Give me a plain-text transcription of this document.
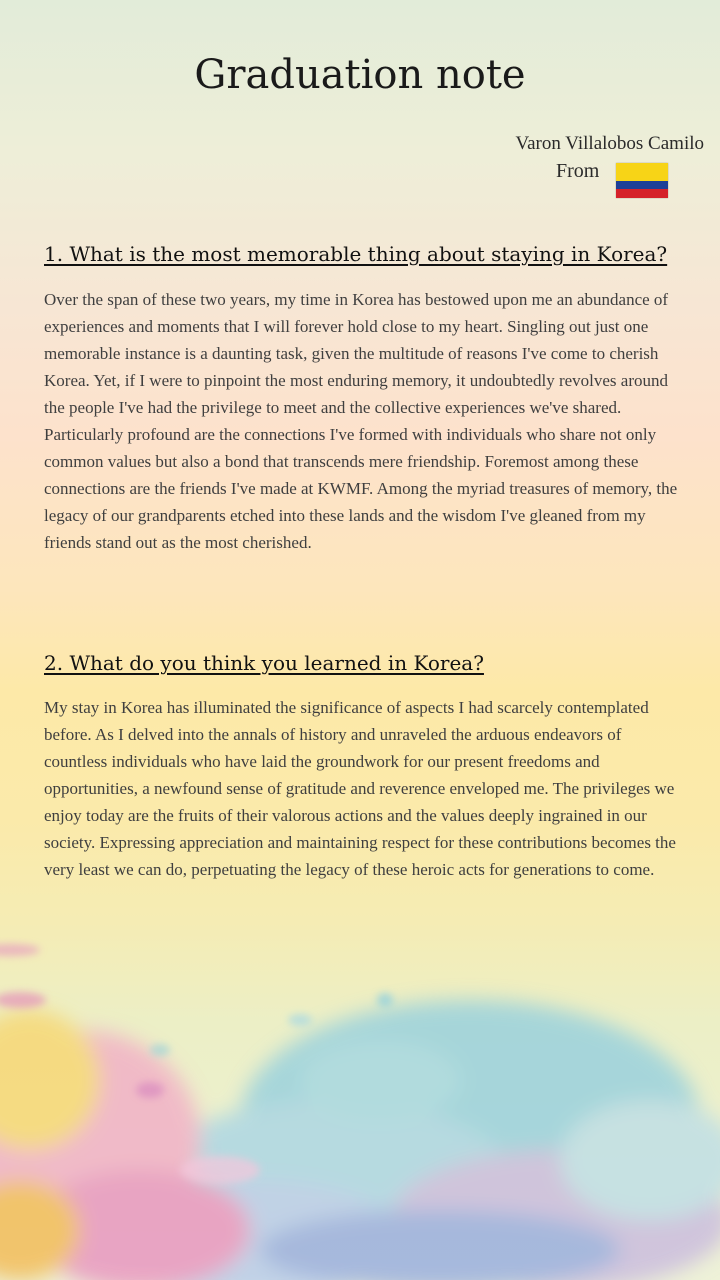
Graduation note
Varon Villalobos Camilo
From
1. What is the most memorable thing about staying in Korea?

Over the span of these two years, my time in Korea has bestowed upon me an abundance of experiences and moments that I will forever hold close to my heart. Singling out just one memorable instance is a daunting task, given the multitude of reasons I've come to cherish Korea. Yet, if I were to pinpoint the most enduring memory, it undoubtedly revolves around the people I've had the privilege to meet and the collective experiences we've shared. Particularly profound are the connections I've formed with individuals who share not only common values but also a bond that transcends mere friendship. Foremost among these connections are the friends I've made at KWMF. Among the myriad treasures of memory, the legacy of our grandparents etched into these lands and the wisdom I've gleaned from my friends stand out as the most cherished.

2. What do you think you learned in Korea?

My stay in Korea has illuminated the significance of aspects I had scarcely contemplated before. As I delved into the annals of history and unraveled the arduous endeavors of countless individuals who have laid the groundwork for our present freedoms and opportunities, a newfound sense of gratitude and reverence enveloped me. The privileges we enjoy today are the fruits of their valorous actions and the values deeply ingrained in our society. Expressing appreciation and maintaining respect for these contributions becomes the very least we can do, perpetuating the legacy of these heroic acts for generations to come.
